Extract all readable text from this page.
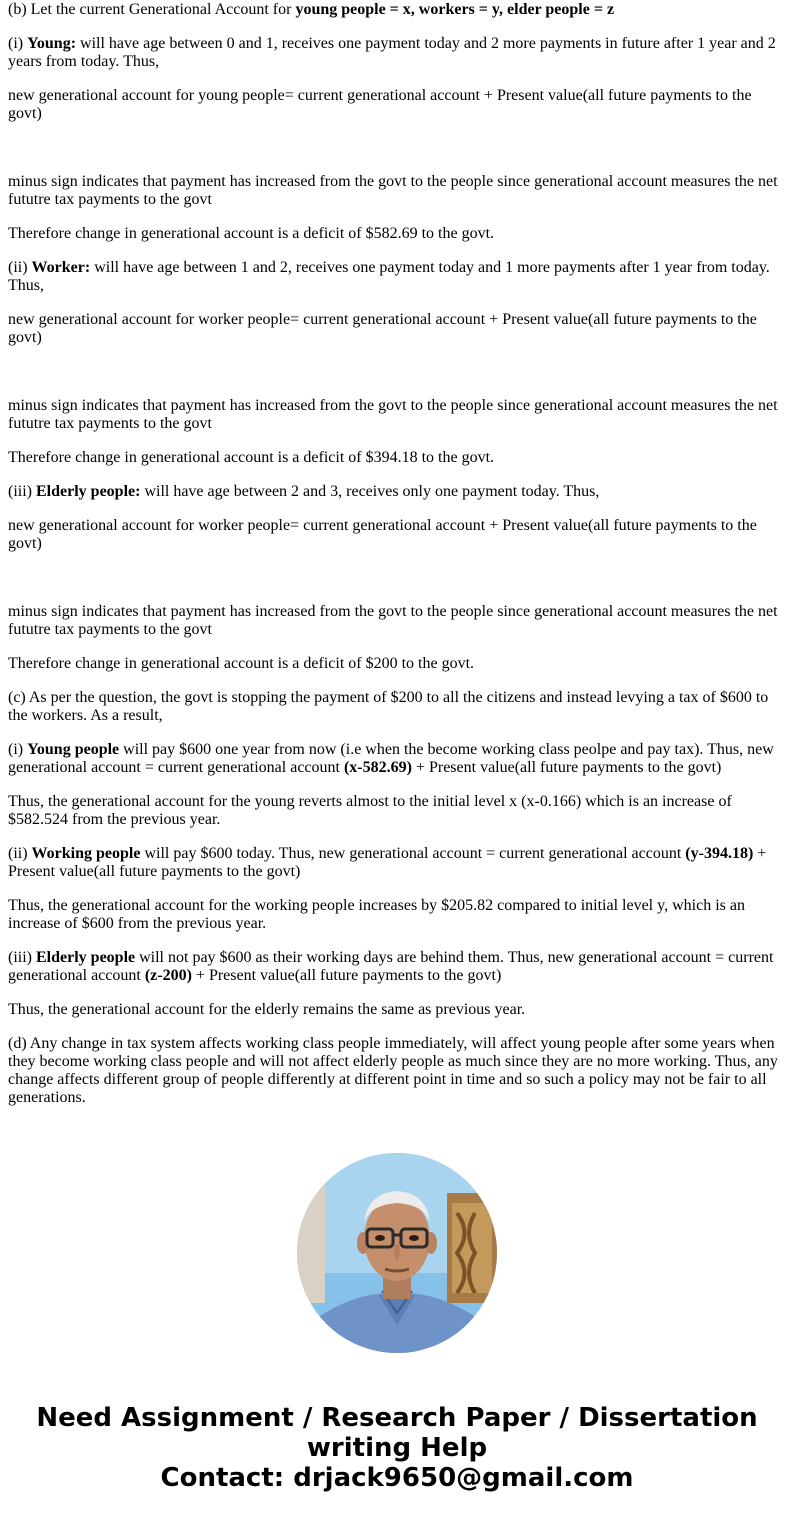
(b) Let the current Generational Account for young people = x, workers = y, elder people = z

(i) Young: will have age between 0 and 1, receives one payment today and 2 more payments in future after 1 year and 2 years from today. Thus,

new generational account for young people= current generational account + Present value(all future payments to the govt)

minus sign indicates that payment has increased from the govt to the people since generational account measures the net fututre tax payments to the govt

Therefore change in generational account is a deficit of $582.69 to the govt.

(ii) Worker: will have age between 1 and 2, receives one payment today and 1 more payments after 1 year from today. Thus,

new generational account for worker people= current generational account + Present value(all future payments to the govt)

minus sign indicates that payment has increased from the govt to the people since generational account measures the net fututre tax payments to the govt

Therefore change in generational account is a deficit of $394.18 to the govt.

(iii) Elderly people: will have age between 2 and 3, receives only one payment today. Thus,

new generational account for worker people= current generational account + Present value(all future payments to the govt)

minus sign indicates that payment has increased from the govt to the people since generational account measures the net fututre tax payments to the govt

Therefore change in generational account is a deficit of $200 to the govt.

(c) As per the question, the govt is stopping the payment of $200 to all the citizens and instead levying a tax of $600 to the workers. As a result,

(i) Young people will pay $600 one year from now (i.e when the become working class peolpe and pay tax). Thus, new generational account = current generational account (x-582.69) + Present value(all future payments to the govt)

Thus, the generational account for the young reverts almost to the initial level x (x-0.166) which is an increase of $582.524 from the previous year.

(ii) Working people will pay $600 today. Thus, new generational account = current generational account (y-394.18) + Present value(all future payments to the govt)

Thus, the generational account for the working people increases by $205.82 compared to initial level y, which is an increase of $600 from the previous year.

(iii) Elderly people will not pay $600 as their working days are behind them. Thus, new generational account = current generational account (z-200) + Present value(all future payments to the govt)

Thus, the generational account for the elderly remains the same as previous year.

(d) Any change in tax system affects working class people immediately, will affect young people after some years when they become working class people and will not affect elderly people as much since they are no more working. Thus, any change affects different group of people differently at different point in time and so such a policy may not be fair to all generations.

Need Assignment / Research Paper / Dissertation
writing Help
Contact: drjack9650@gmail.com
